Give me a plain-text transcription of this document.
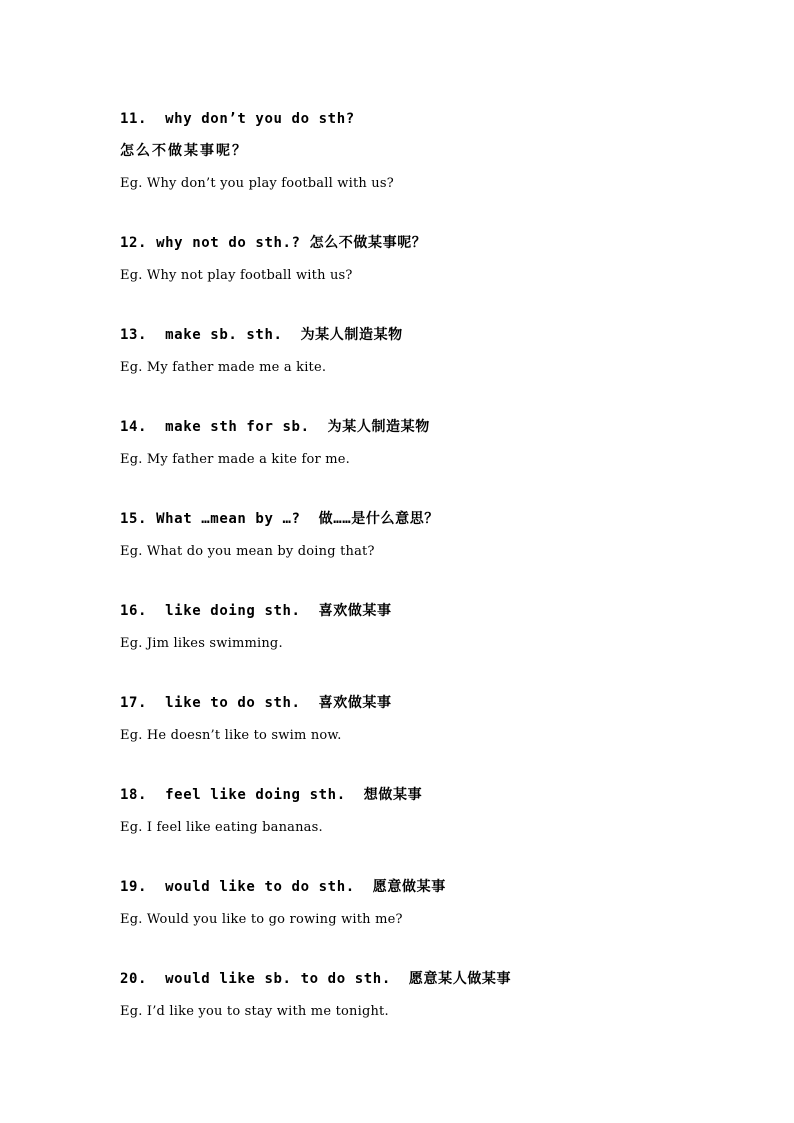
11.  why don’t you do sth?
怎么不做某事呢？
Eg. Why don’t you play football with us?
12. why not do sth.? 怎么不做某事呢？
Eg. Why not play football with us?
13.  make sb. sth.  为某人制造某物
Eg. My father made me a kite.
14.  make sth for sb.  为某人制造某物
Eg. My father made a kite for me.
15. What …mean by …?  做……是什么意思？
Eg. What do you mean by doing that?
16.  like doing sth.  喜欢做某事
Eg. Jim likes swimming.
17.  like to do sth.  喜欢做某事
Eg. He doesn’t like to swim now.
18.  feel like doing sth.  想做某事
Eg. I feel like eating bananas.
19.  would like to do sth.  愿意做某事
Eg. Would you like to go rowing with me?
20.  would like sb. to do sth.  愿意某人做某事
Eg. I’d like you to stay with me tonight.
